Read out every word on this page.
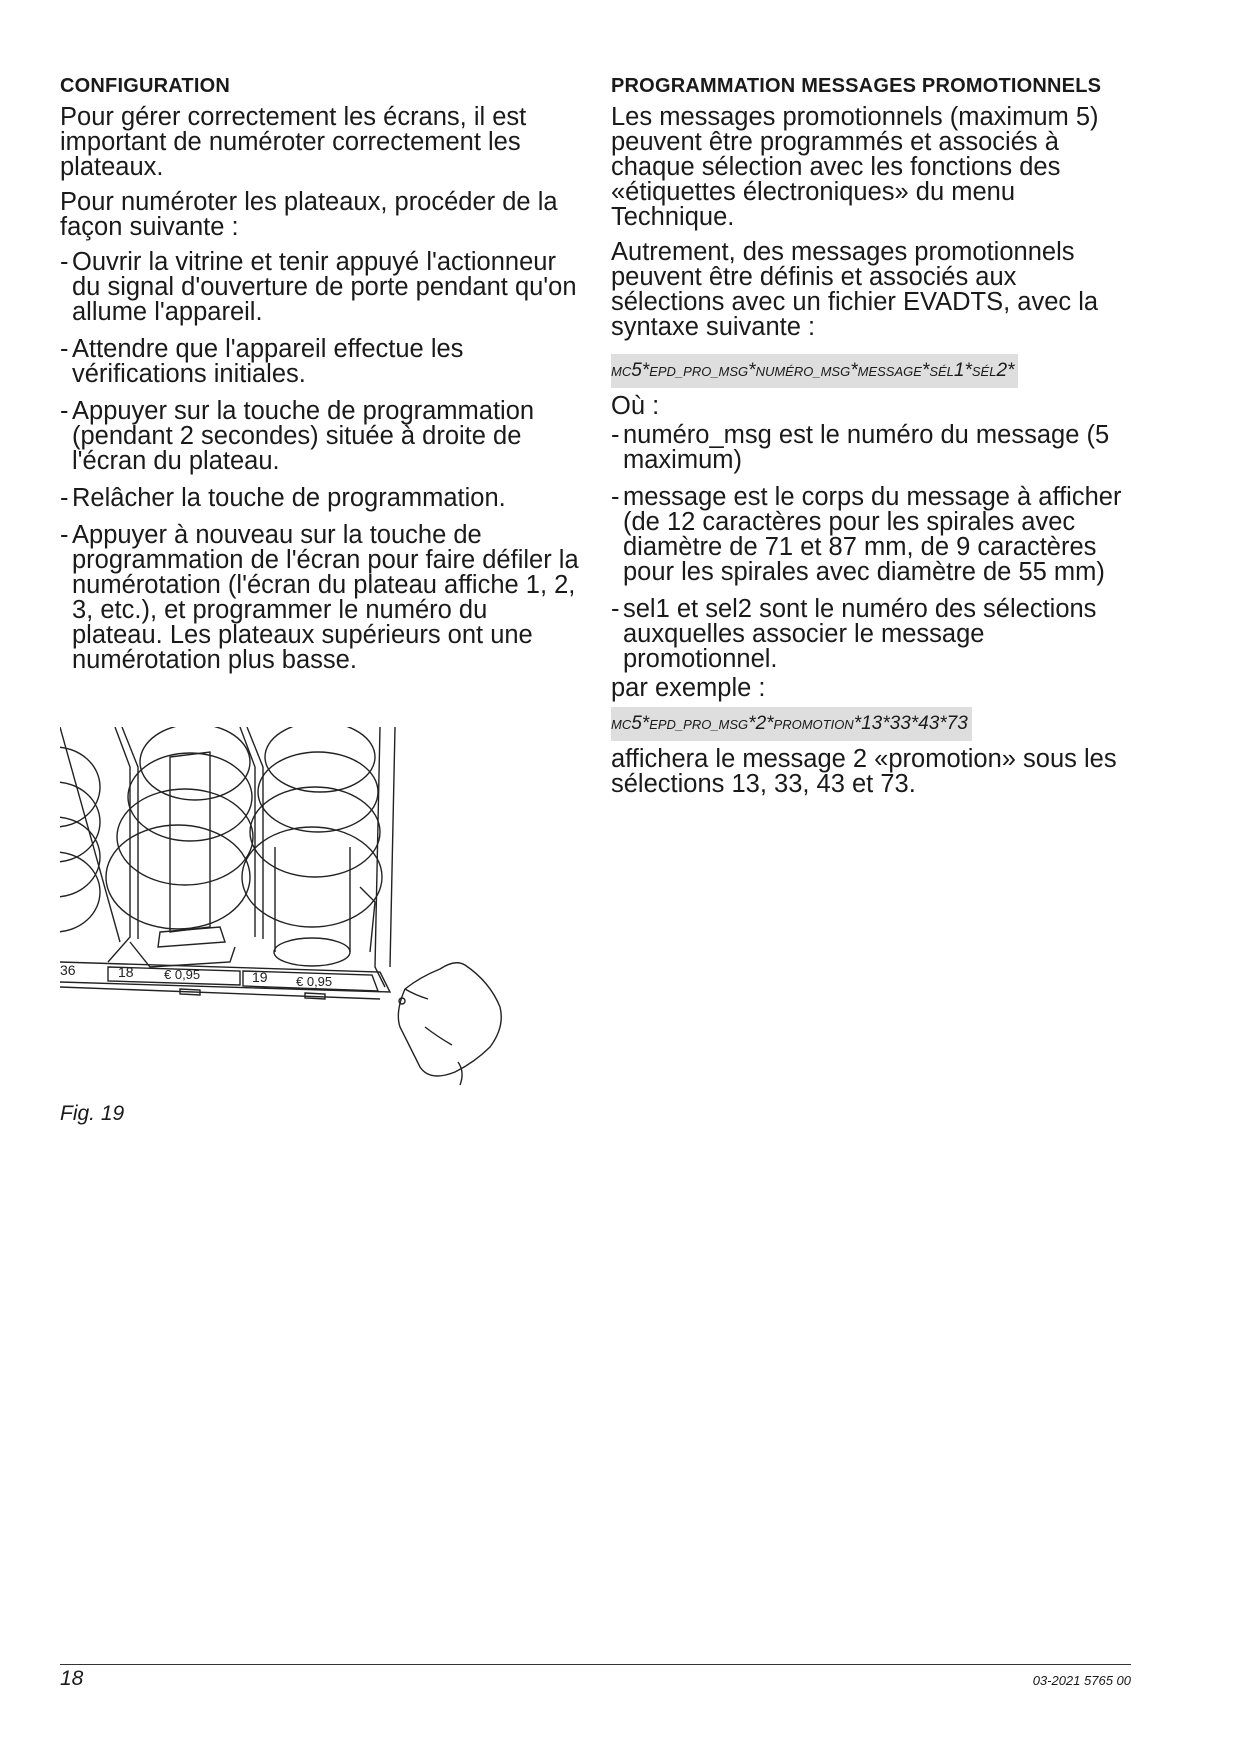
CONFIGURATION

Pour gérer correctement les écrans, il est important de numéroter correctement les plateaux.

Pour numéroter les plateaux, procéder de la façon suivante :

- Ouvrir la vitrine et tenir appuyé l'actionneur du signal d'ouverture de porte pendant qu'on allume l'appareil.
- Attendre que l'appareil effectue les vérifications initiales.
- Appuyer sur la touche de programmation (pendant 2 secondes) située à droite de l'écran du plateau.
- Relâcher la touche de programmation.
- Appuyer à nouveau sur la touche de programmation de l'écran pour faire défiler la numérotation (l'écran du plateau affiche 1, 2, 3, etc.), et programmer le numéro du plateau. Les plateaux supérieurs ont une numérotation plus basse.
36	18 € 0,95	19 € 0,95
Fig. 19
PROGRAMMATION MESSAGES PROMOTIONNELS

Les messages promotionnels (maximum 5) peuvent être programmés et associés à chaque sélection avec les fonctions des «étiquettes électroniques» du menu Technique.

Autrement, des messages promotionnels peuvent être définis et associés aux sélections avec un fichier EVADTS, avec la syntaxe suivante :

MC5*EPD_PRO_MSG*NUMÉRO_MSG*MESSAGE*SÉL1*SÉL2*

Où :

- numéro_msg est le numéro du message (5 maximum)
- message est le corps du message à afficher (de 12 caractères pour les spirales avec diamètre de 71 et 87 mm, de 9 caractères pour les spirales avec diamètre de 55 mm)
- sel1 et sel2 sont le numéro des sélections auxquelles associer le message promotionnel.

par exemple :

MC5*EPD_PRO_MSG*2*PROMOTION*13*33*43*73

affichera le message 2 «promotion» sous les sélections 13, 33, 43 et 73.

18	03-2021 5765 00
